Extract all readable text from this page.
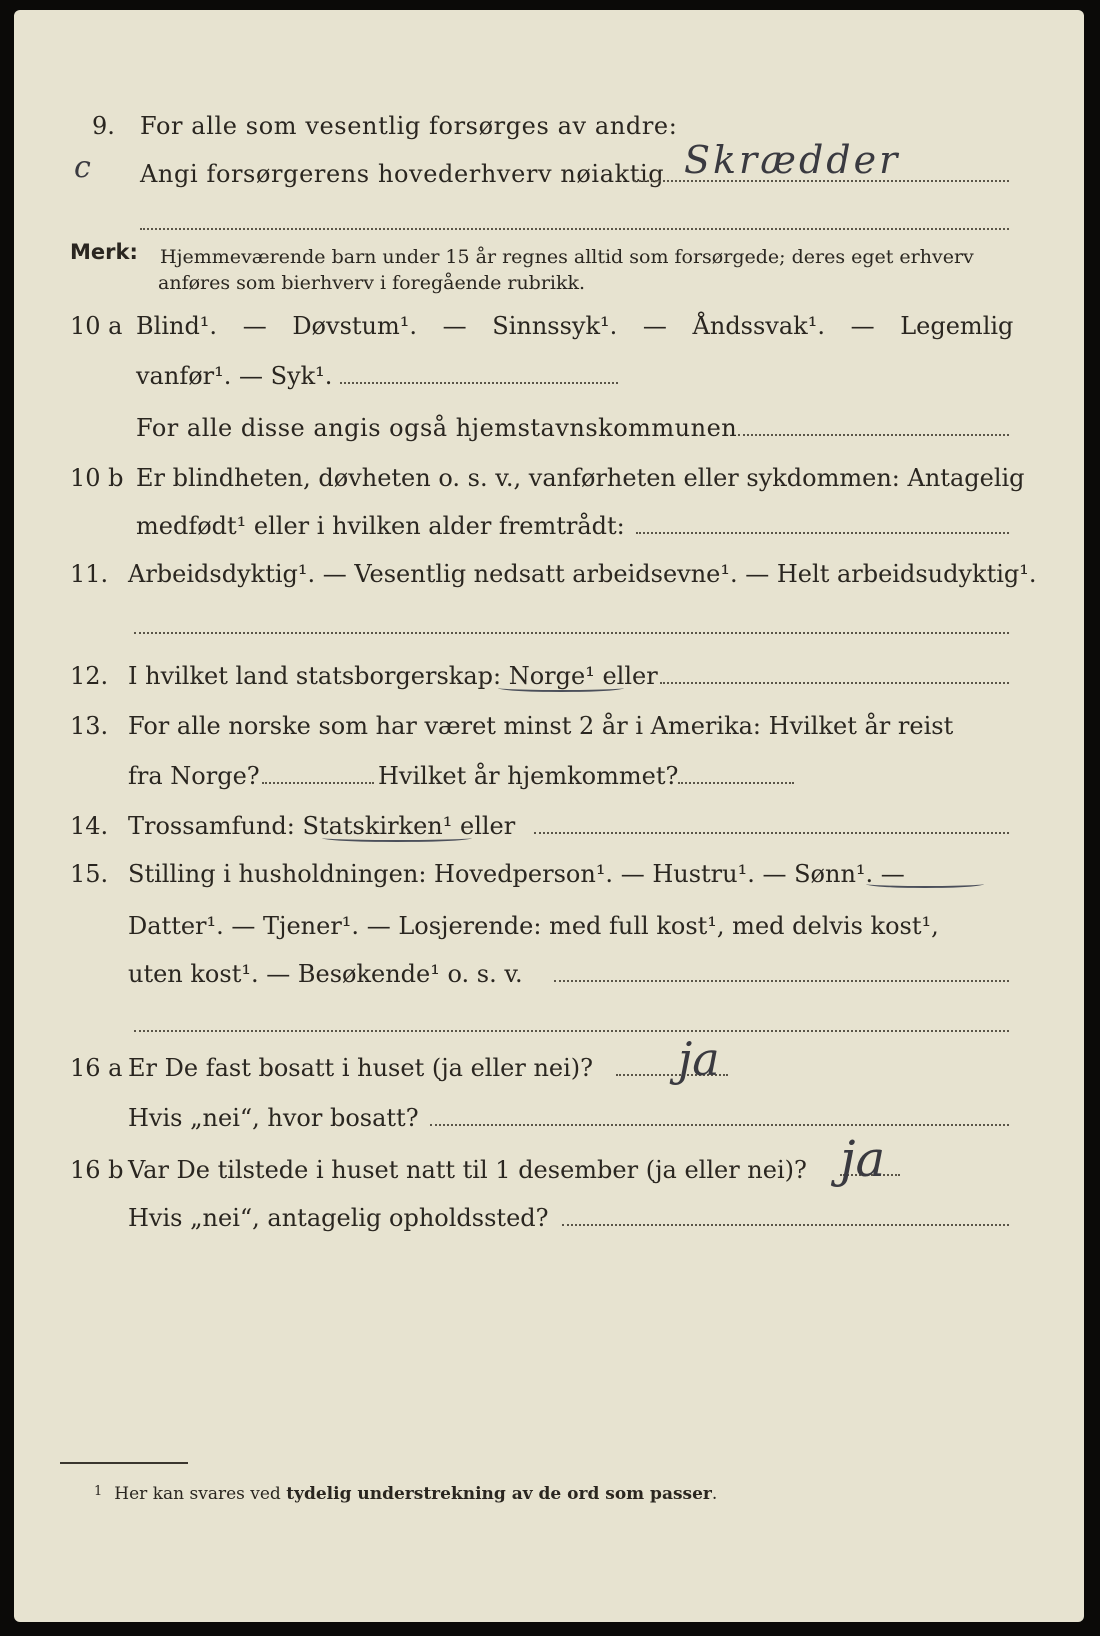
9. For alle som vesentlig forsørges av andre:
ⅽ Angi forsørgerens hovederhverv nøiaktig Skrædder
Merk: Hjemmeværende barn under 15 år regnes alltid som forsørgede; deres eget erhverv
anføres som bierhverv i foregående rubrikk.
10 a Blind¹. — Døvstum¹. — Sinnssyk¹. — Åndssvak¹. — Legemlig
vanfør¹. — Syk¹.
For alle disse angis også hjemstavnskommunen
10 b Er blindheten, døvheten o. s. v., vanførheten eller sykdommen: Antagelig
medfødt¹ eller i hvilken alder fremtrådt:
11. Arbeidsdyktig¹. — Vesentlig nedsatt arbeidsevne¹. — Helt arbeidsudyktig¹.
12. I hvilket land statsborgerskap: Norge¹ eller
13. For alle norske som har været minst 2 år i Amerika: Hvilket år reist
fra Norge?	Hvilket år hjemkommet?
14. Trossamfund: Statskirken¹ eller
15. Stilling i husholdningen: Hovedperson¹. — Hustru¹. — Sønn¹. —
Datter¹. — Tjener¹. — Losjerende: med full kost¹, med delvis kost¹,
uten kost¹. — Besøkende¹ o. s. v.
16 a Er De fast bosatt i huset (ja eller nei)? ja
Hvis „nei“, hvor bosatt?
16 b Var De tilstede i huset natt til 1 desember (ja eller nei)? ja
Hvis „nei“, antagelig opholdssted?
$^1$ Her kan svares ved tydelig understrekning av de ord som passer.
